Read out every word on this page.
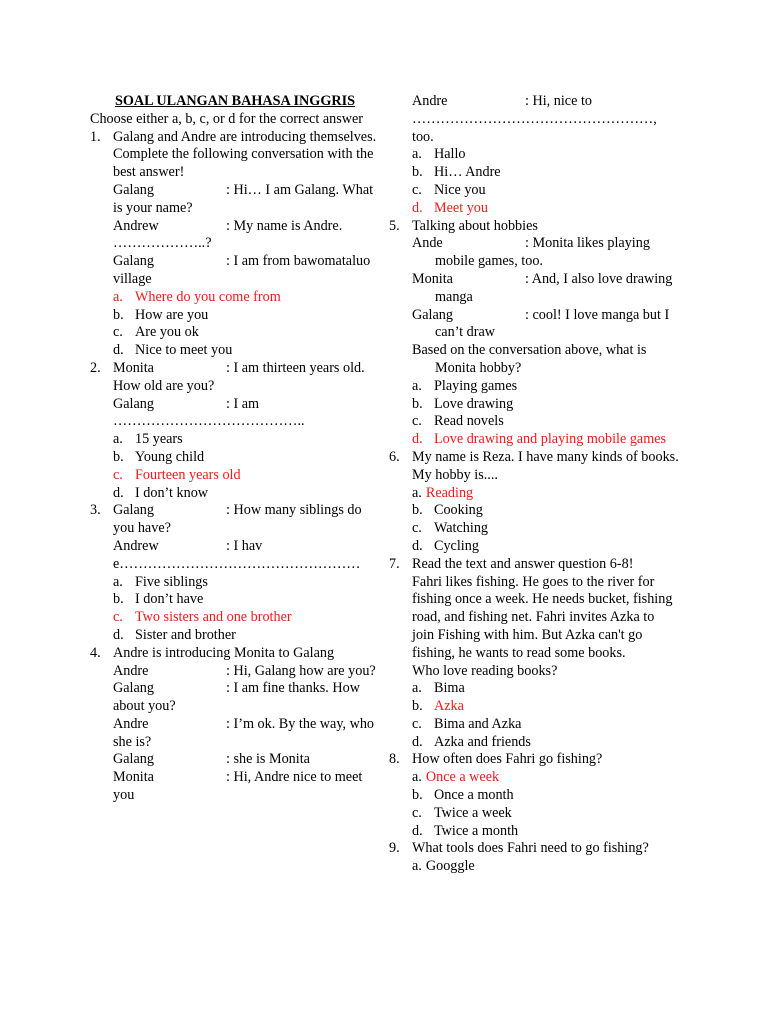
SOAL ULANGAN BAHASA INGGRIS
Choose either a, b, c, or d for the correct answer
1. Galang and Andre are introducing themselves.
Complete the following conversation with the best answer!
Galang	: Hi… I am Galang. What is your name?
Andrew	: My name is Andre. ………………..?
Galang	: I am from bawomataluo village
a. Where do you come from
b. How are you
c. Are you ok
d. Nice to meet you
2. Monita	: I am thirteen years old. How old are you?
Galang	: I am …………………………………..
a. 15 years
b. Young child
c. Fourteen years old
d. I don’t know
3. Galang	: How many siblings do you have?
Andrew	: I have……………………………………………
a. Five siblings
b. I don’t have
c. Two sisters and one brother
d. Sister and brother
4. Andre is introducing Monita to Galang
Andre	: Hi, Galang how are you?
Galang	: I am fine thanks. How about you?
Andre	: I’m ok. By the way, who she is?
Galang	: she is Monita
Monita	: Hi, Andre nice to meet you
Andre	: Hi, nice to ……………………………………………, too.
a. Hallo
b. Hi… Andre
c. Nice you
d. Meet you
5. Talking about hobbies
Ande	: Monita likes playing mobile games, too.
Monita	: And, I also love drawing manga
Galang	: cool! I love manga but I can’t draw
Based on the conversation above, what is Monita hobby?
a. Playing games
b. Love drawing
c. Read novels
d. Love drawing and playing mobile games
6. My name is Reza. I have many kinds of books. My hobby is....
a. Reading
b. Cooking
c. Watching
d. Cycling
7. Read the text and answer question 6-8!
Fahri likes fishing. He goes to the river for fishing once a week. He needs bucket, fishing road, and fishing net. Fahri invites Azka to join Fishing with him. But Azka can't go fishing, he wants to read some books.
Who love reading books?
a. Bima
b. Azka
c. Bima and Azka
d. Azka and friends
8. How often does Fahri go fishing?
a. Once a week
b. Once a month
c. Twice a week
d. Twice a month
9. What tools does Fahri need to go fishing?
a. Googgle
